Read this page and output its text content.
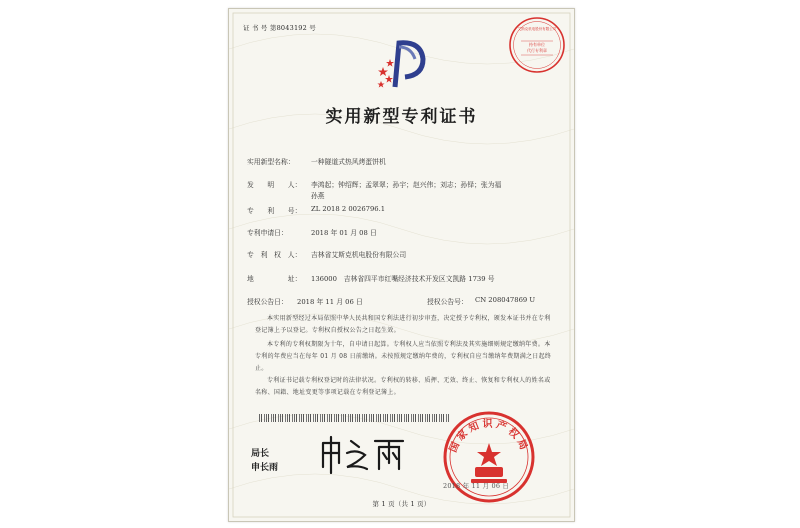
证 书 号 第8043192 号
持有单位
代行专利章
艾斯克机电股份有限公司
实用新型专利证书
实用新型名称： 一种隧道式热风烤蛋饼机
发　　明　　人： 李鸿起；钟绍辉；孟翠翠；孙宇；赵兴伟；刘志；孙铎；张为福
孙燕
专　　利　　号： ZL 2018 2 0026796.1
专利申请日：	2018 年 01 月 08 日
专　利　权　人： 吉林省艾斯克机电股份有限公司
地　　　　　址： 136000　吉林省四平市红嘴经济技术开发区文凯路 1739 号
授权公告日： 2018 年 11 月 06 日	授权公告号： CN 208047869 U
本实用新型经过本局依照中华人民共和国专利法进行初步审查，决定授予专利权，颁发本证书并在专利登记簿上予以登记。专利权自授权公告之日起生效。
本专利的专利权期限为十年，自申请日起算。专利权人应当依照专利法及其实施细则规定缴纳年费。本专利的年费应当在每年 01 月 08 日前缴纳。未按照规定缴纳年费的，专利权自应当缴纳年费期满之日起终止。
专利证书记载专利权登记时的法律状况。专利权的转移、质押、无效、终止、恢复和专利权人的姓名或名称、国籍、地址变更等事项记载在专利登记簿上。
局长
申长雨
国家知识产权局
2018 年 11 月 06 日
第 1 页（共 1 页）
